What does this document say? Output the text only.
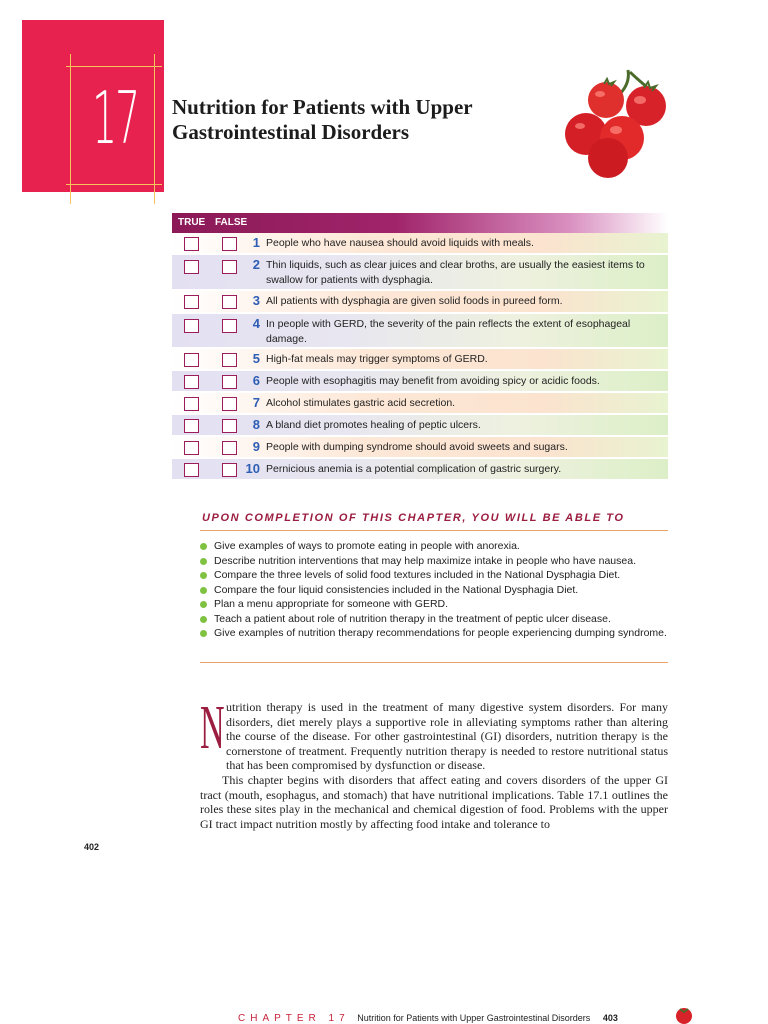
17 Nutrition for Patients with Upper
Gastrointestinal Disorders
TRUE FALSE
1 People who have nausea should avoid liquids with meals.
2 Thin liquids, such as clear juices and clear broths, are usually the easiest items to swallow for patients with dysphagia.
3 All patients with dysphagia are given solid foods in pureed form.
4 In people with GERD, the severity of the pain reflects the extent of esophageal damage.
5 High-fat meals may trigger symptoms of GERD.
6 People with esophagitis may benefit from avoiding spicy or acidic foods.
7 Alcohol stimulates gastric acid secretion.
8 A bland diet promotes healing of peptic ulcers.
9 People with dumping syndrome should avoid sweets and sugars.
10 Pernicious anemia is a potential complication of gastric surgery.
UPON COMPLETION OF THIS CHAPTER, YOU WILL BE ABLE TO
Give examples of ways to promote eating in people with anorexia.
Describe nutrition interventions that may help maximize intake in people who have nausea.
Compare the three levels of solid food textures included in the National Dysphagia Diet.
Compare the four liquid consistencies included in the National Dysphagia Diet.
Plan a menu appropriate for someone with GERD.
Teach a patient about role of nutrition therapy in the treatment of peptic ulcer disease.
Give examples of nutrition therapy recommendations for people experiencing dumping syndrome.
N utrition therapy is used in the treatment of many digestive system disorders. For many disorders, diet merely plays a supportive role in alleviating symptoms rather than altering the course of the disease. For other gastrointestinal (GI) disorders, nutrition therapy is the cornerstone of treatment. Frequently nutrition therapy is needed to restore nutritional status that has been compromised by dysfunction or disease.

This chapter begins with disorders that affect eating and covers disorders of the upper GI tract (mouth, esophagus, and stomach) that have nutritional implications. Table 17.1 outlines the roles these sites play in the mechanical and chemical digestion of food. Problems with the upper GI tract impact nutrition mostly by affecting food intake and tolerance to

402
CHAPTER 17 Nutrition for Patients with Upper Gastrointestinal Disorders 403
